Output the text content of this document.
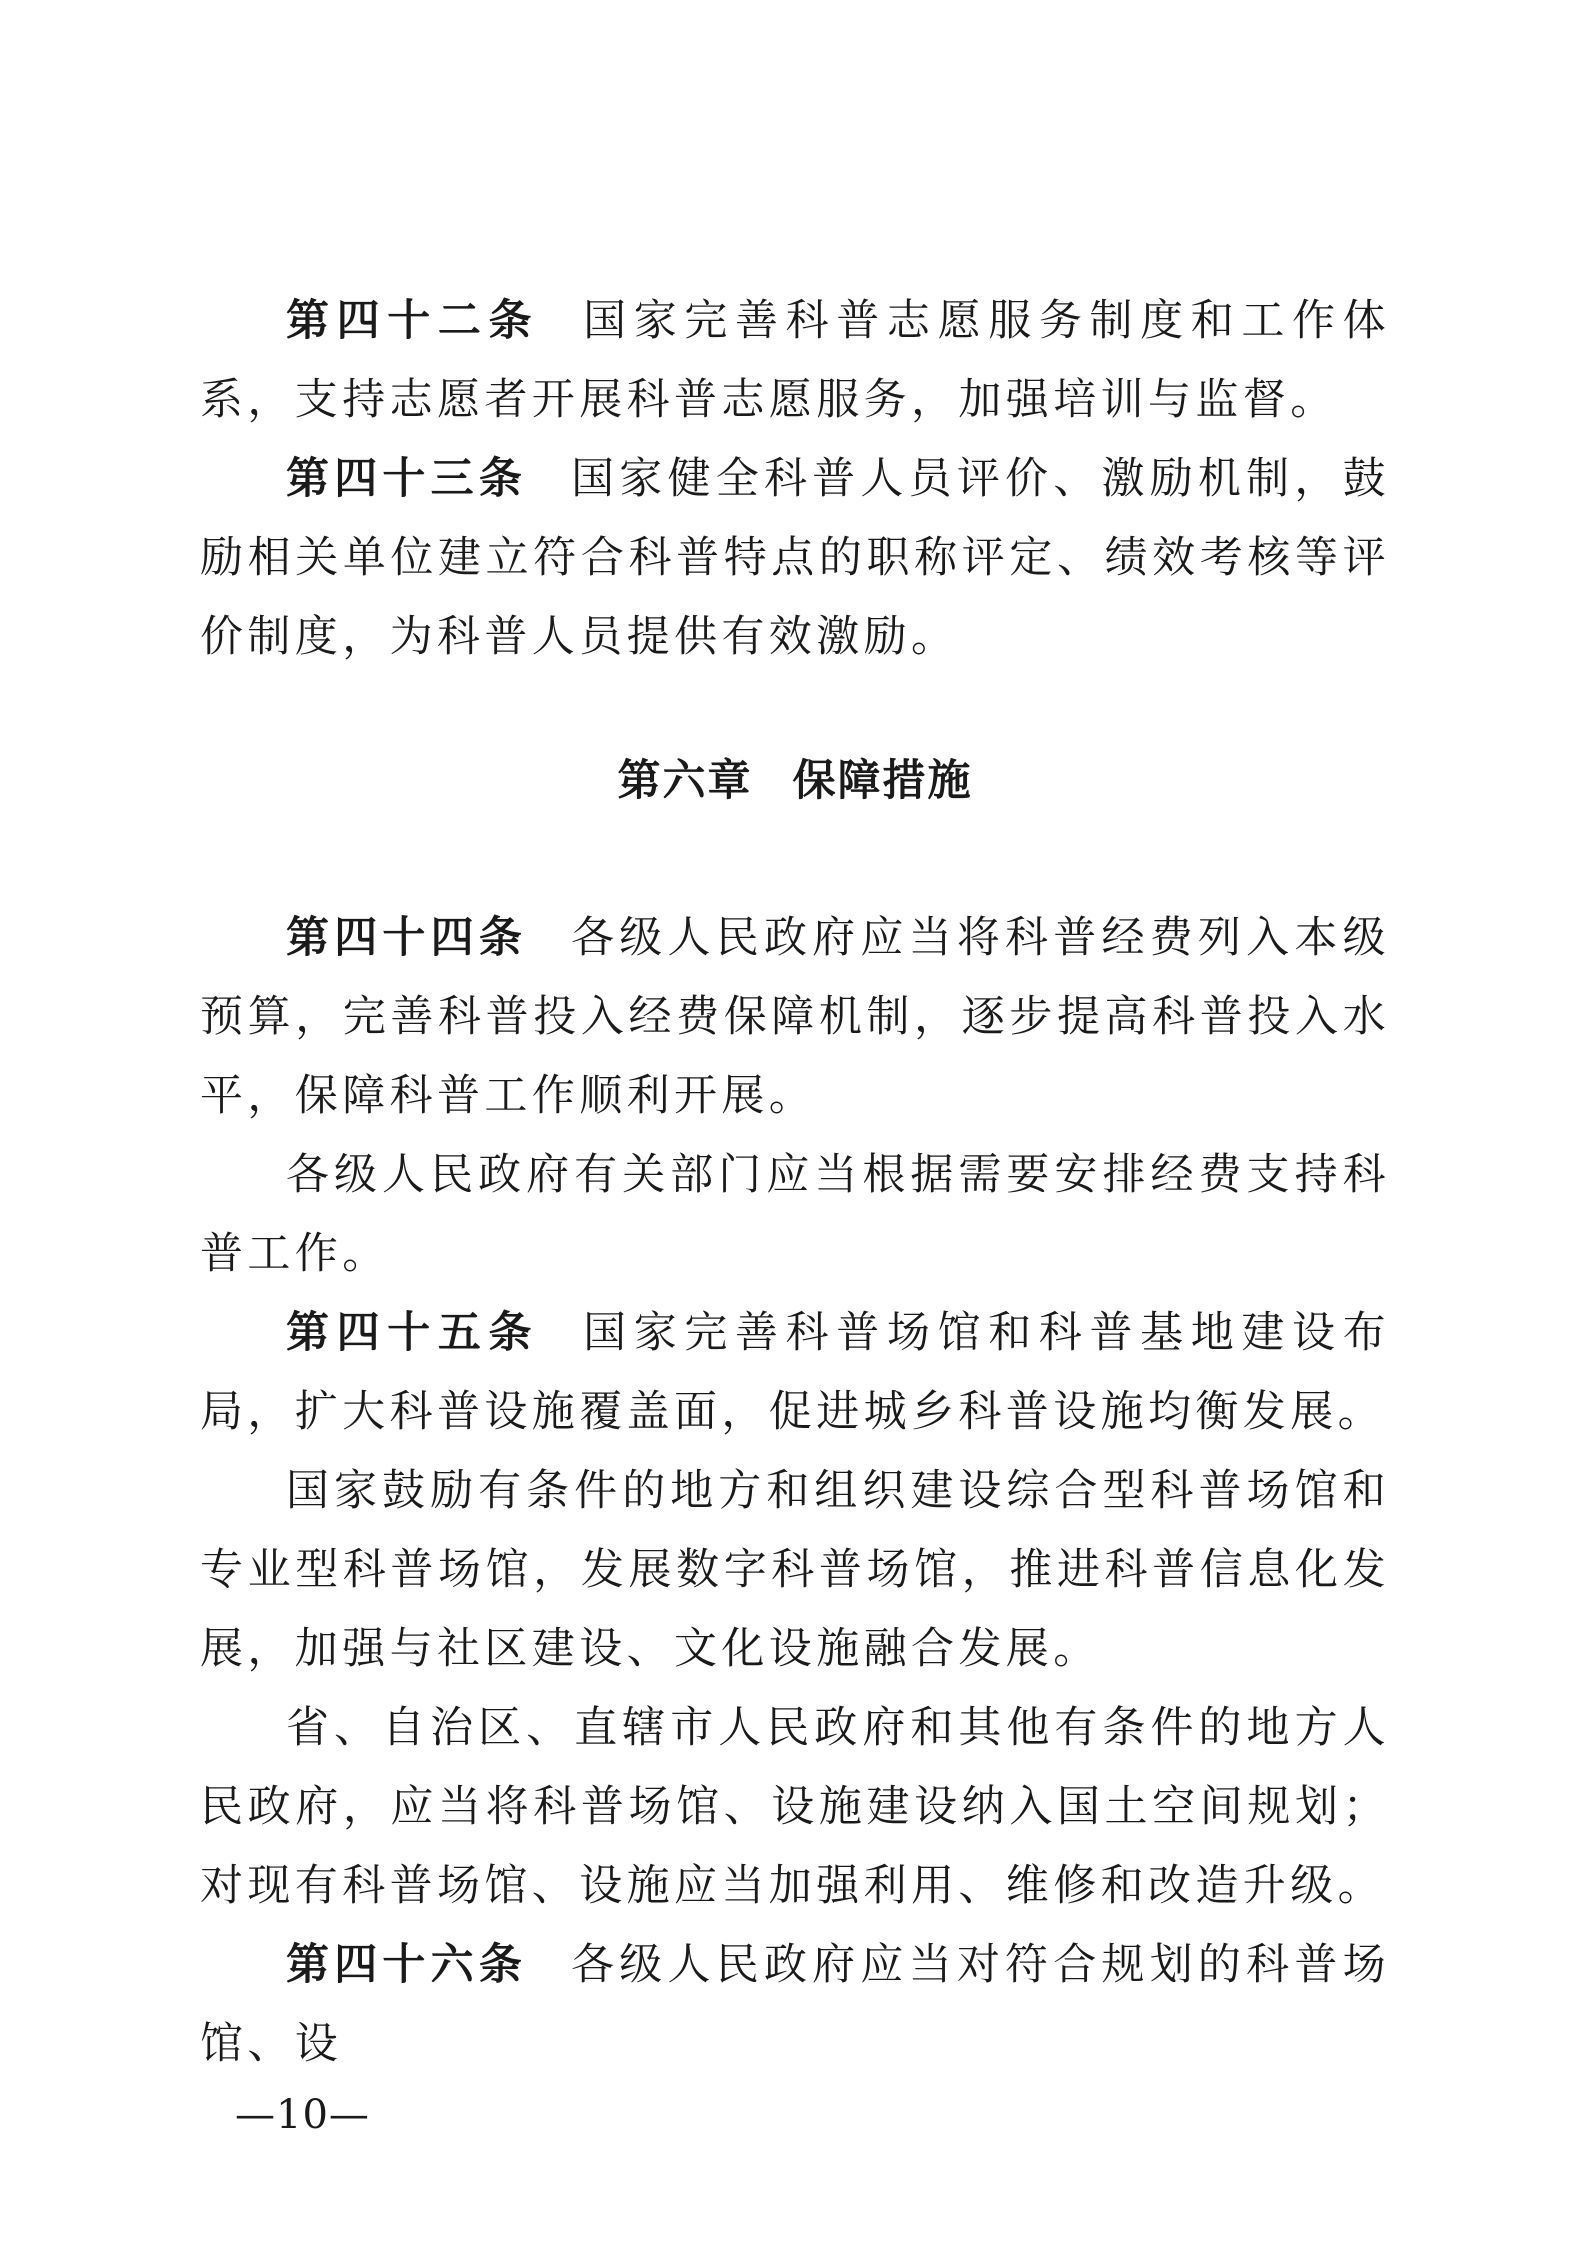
第四十二条 国家完善科普志愿服务制度和工作体系，支持志愿者开展科普志愿服务，加强培训与监督。

第四十三条 国家健全科普人员评价、激励机制，鼓励相关单位建立符合科普特点的职称评定、绩效考核等评价制度，为科普人员提供有效激励。

第六章 保障措施

第四十四条 各级人民政府应当将科普经费列入本级预算，完善科普投入经费保障机制，逐步提高科普投入水平，保障科普工作顺利开展。

各级人民政府有关部门应当根据需要安排经费支持科普工作。

第四十五条 国家完善科普场馆和科普基地建设布局，扩大科普设施覆盖面，促进城乡科普设施均衡发展。

国家鼓励有条件的地方和组织建设综合型科普场馆和专业型科普场馆，发展数字科普场馆，推进科普信息化发展，加强与社区建设、文化设施融合发展。

省、自治区、直辖市人民政府和其他有条件的地方人民政府，应当将科普场馆、设施建设纳入国土空间规划；对现有科普场馆、设施应当加强利用、维修和改造升级。

第四十六条 各级人民政府应当对符合规划的科普场馆、设

—10—
